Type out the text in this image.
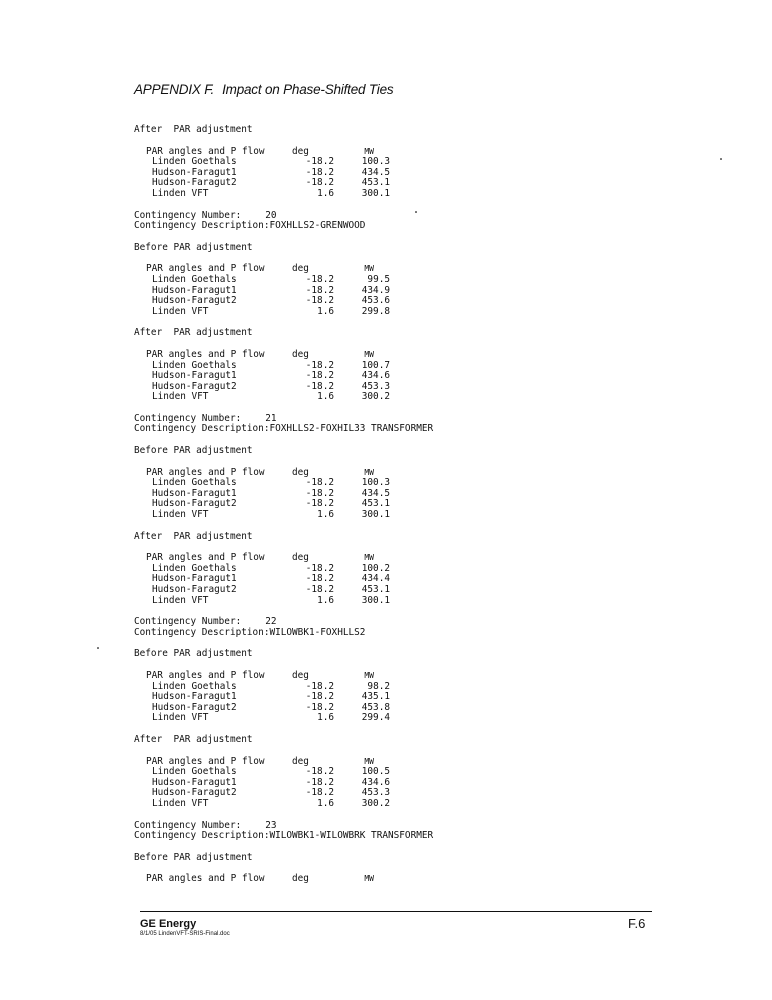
APPENDIX F. Impact on Phase-Shifted Ties
After  PAR adjustment
PAR angles and P flow	deg	MW
Linden Goethals	-18.2	100.3
Hudson-Faragut1	-18.2	434.5
Hudson-Faragut2	-18.2	453.1
Linden VFT	1.6	300.1
Contingency Number:	20
Contingency Description:FOXHLLS2-GRENWOOD
Before PAR adjustment
PAR angles and P flow	deg	MW
Linden Goethals	-18.2	99.5
Hudson-Faragut1	-18.2	434.9
Hudson-Faragut2	-18.2	453.6
Linden VFT	1.6	299.8
After  PAR adjustment
PAR angles and P flow	deg	MW
Linden Goethals	-18.2	100.7
Hudson-Faragut1	-18.2	434.6
Hudson-Faragut2	-18.2	453.3
Linden VFT	1.6	300.2
Contingency Number:	21
Contingency Description:FOXHLLS2-FOXHIL33 TRANSFORMER
Before PAR adjustment
PAR angles and P flow	deg	MW
Linden Goethals	-18.2	100.3
Hudson-Faragut1	-18.2	434.5
Hudson-Faragut2	-18.2	453.1
Linden VFT	1.6	300.1
After  PAR adjustment
PAR angles and P flow	deg	MW
Linden Goethals	-18.2	100.2
Hudson-Faragut1	-18.2	434.4
Hudson-Faragut2	-18.2	453.1
Linden VFT	1.6	300.1
Contingency Number:	22
Contingency Description:WILOWBK1-FOXHLLS2
Before PAR adjustment
PAR angles and P flow	deg	MW
Linden Goethals	-18.2	98.2
Hudson-Faragut1	-18.2	435.1
Hudson-Faragut2	-18.2	453.8
Linden VFT	1.6	299.4
After  PAR adjustment
PAR angles and P flow	deg	MW
Linden Goethals	-18.2	100.5
Hudson-Faragut1	-18.2	434.6
Hudson-Faragut2	-18.2	453.3
Linden VFT	1.6	300.2
Contingency Number:	23
Contingency Description:WILOWBK1-WILOWBRK TRANSFORMER
Before PAR adjustment
PAR angles and P flow	deg	MW
GE Energy
8/1/05 LindenVFT-SRIS-Final.doc
F.6
